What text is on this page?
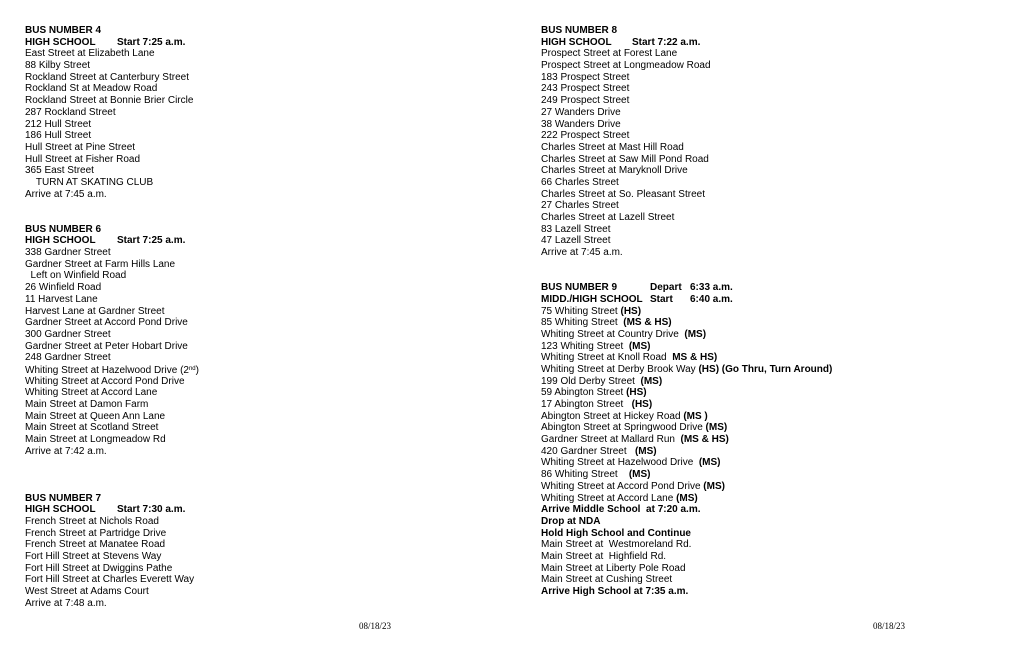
BUS NUMBER 4
HIGH SCHOOL Start 7:25 a.m.
East Street at Elizabeth Lane
88 Kilby Street
Rockland Street at Canterbury Street
Rockland St at Meadow Road
Rockland Street at Bonnie Brier Circle
287 Rockland Street
212 Hull Street
186 Hull Street
Hull Street at Pine Street
Hull Street at Fisher Road
365 East Street
TURN AT SKATING CLUB
Arrive at 7:45 a.m.
BUS NUMBER 6
HIGH SCHOOL Start 7:25 a.m.
338 Gardner Street
Gardner Street at Farm Hills Lane
Left on Winfield Road
26 Winfield Road
11 Harvest Lane
Harvest Lane at Gardner Street
Gardner Street at Accord Pond Drive
300 Gardner Street
Gardner Street at Peter Hobart Drive
248 Gardner Street
Whiting Street at Hazelwood Drive (2nd)
Whiting Street at Accord Pond Drive
Whiting Street at Accord Lane
Main Street at Damon Farm
Main Street at Queen Ann Lane
Main Street at Scotland Street
Main Street at Longmeadow Rd
Arrive at 7:42 a.m.
BUS NUMBER 7
HIGH SCHOOL Start 7:30 a.m.
French Street at Nichols Road
French Street at Partridge Drive
French Street at Manatee Road
Fort Hill Street at Stevens Way
Fort Hill Street at Dwiggins Pathe
Fort Hill Street at Charles Everett Way
West Street at Adams Court
Arrive at 7:48 a.m.
BUS NUMBER 8
HIGH SCHOOL Start 7:22 a.m.
Prospect Street at Forest Lane
Prospect Street at Longmeadow Road
183 Prospect Street
243 Prospect Street
249 Prospect Street
27 Wanders Drive
38 Wanders Drive
222 Prospect Street
Charles Street at Mast Hill Road
Charles Street at Saw Mill Pond Road
Charles Street at Maryknoll Drive
66 Charles Street
Charles Street at So. Pleasant Street
27 Charles Street
Charles Street at Lazell Street
83 Lazell Street
47 Lazell Street
Arrive at 7:45 a.m.
BUS NUMBER 9	Depart 6:33 a.m.
MIDD./HIGH SCHOOL Start 6:40 a.m.
75 Whiting Street (HS)
85 Whiting Street  (MS & HS)
Whiting Street at Country Drive  (MS)
123 Whiting Street  (MS)
Whiting Street at Knoll Road  MS & HS)
Whiting Street at Derby Brook Way (HS) (Go Thru, Turn Around)
199 Old Derby Street  (MS)
59 Abington Street (HS)
17 Abington Street   (HS)
Abington Street at Hickey Road (MS )
Abington Street at Springwood Drive (MS)
Gardner Street at Mallard Run  (MS & HS)
420 Gardner Street   (MS)
Whiting Street at Hazelwood Drive  (MS)
86 Whiting Street    (MS)
Whiting Street at Accord Pond Drive (MS)
Whiting Street at Accord Lane (MS)
Arrive Middle School  at 7:20 a.m.
Drop at NDA
Hold High School and Continue
Main Street at  Westmoreland Rd.
Main Street at  Highfield Rd.
Main Street at Liberty Pole Road
Main Street at Cushing Street
Arrive High School at 7:35 a.m.
08/18/23	08/18/23
